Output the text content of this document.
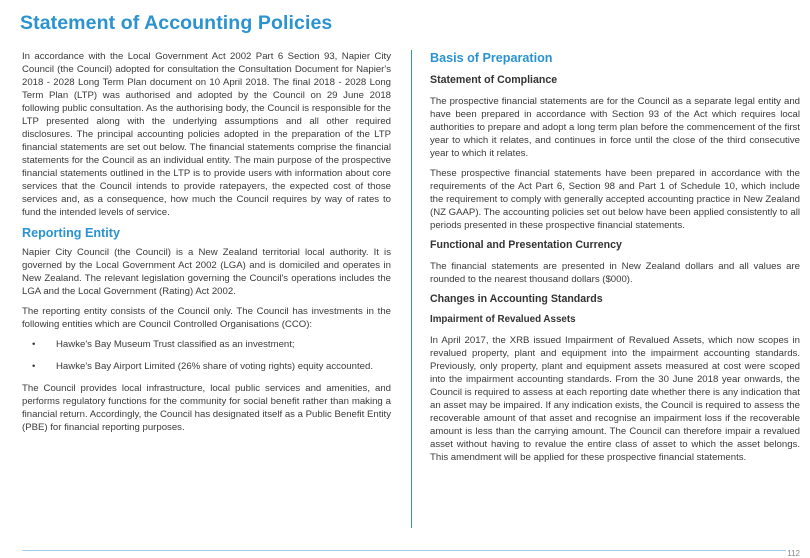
Statement of Accounting Policies

In accordance with the Local Government Act 2002 Part 6 Section 93, Napier City Council (the Council) adopted for consultation the Consultation Document for Napier's 2018 - 2028 Long Term Plan document on 10 April 2018. The final 2018 - 2028 Long Term Plan (LTP) was authorised and adopted by the Council on 29 June 2018 following public consultation. As the authorising body, the Council is responsible for the LTP presented along with the underlying assumptions and all other required disclosures. The principal accounting policies adopted in the preparation of the LTP financial statements are set out below. The financial statements comprise the financial statements for the Council as an individual entity. The main purpose of the prospective financial statements outlined in the LTP is to provide users with information about core services that the Council intends to provide ratepayers, the expected cost of those services and, as a consequence, how much the Council requires by way of rates to fund the intended levels of service.

Reporting Entity

Napier City Council (the Council) is a New Zealand territorial local authority. It is governed by the Local Government Act 2002 (LGA) and is domiciled and operates in New Zealand. The relevant legislation governing the Council's operations includes the LGA and the Local Government (Rating) Act 2002.

The reporting entity consists of the Council only. The Council has investments in the following entities which are Council Controlled Organisations (CCO):

• Hawke's Bay Museum Trust classified as an investment;
• Hawke's Bay Airport Limited (26% share of voting rights) equity accounted.

The Council provides local infrastructure, local public services and amenities, and performs regulatory functions for the community for social benefit rather than making a financial return. Accordingly, the Council has designated itself as a Public Benefit Entity (PBE) for financial reporting purposes.

Basis of Preparation
Statement of Compliance

The prospective financial statements are for the Council as a separate legal entity and have been prepared in accordance with Section 93 of the Act which requires local authorities to prepare and adopt a long term plan before the commencement of the first year to which it relates, and continues in force until the close of the third consecutive year to which it relates.

These prospective financial statements have been prepared in accordance with the requirements of the Act Part 6, Section 98 and Part 1 of Schedule 10, which include the requirement to comply with generally accepted accounting practice in New Zealand (NZ GAAP). The accounting policies set out below have been applied consistently to all periods presented in these prospective financial statements.

Functional and Presentation Currency

The financial statements are presented in New Zealand dollars and all values are rounded to the nearest thousand dollars ($000).

Changes in Accounting Standards
Impairment of Revalued Assets

In April 2017, the XRB issued Impairment of Revalued Assets, which now scopes in revalued property, plant and equipment into the impairment accounting standards. Previously, only property, plant and equipment assets measured at cost were scoped into the impairment accounting standards. From the 30 June 2018 year onwards, the Council is required to assess at each reporting date whether there is any indication that an asset may be impaired. If any indication exists, the Council is required to assess the recoverable amount of that asset and recognise an impairment loss if the recoverable amount is less than the carrying amount. The Council can therefore impair a revalued asset without having to revalue the entire class of asset to which the asset belongs. This amendment will be applied for these prospective financial statements.

112
